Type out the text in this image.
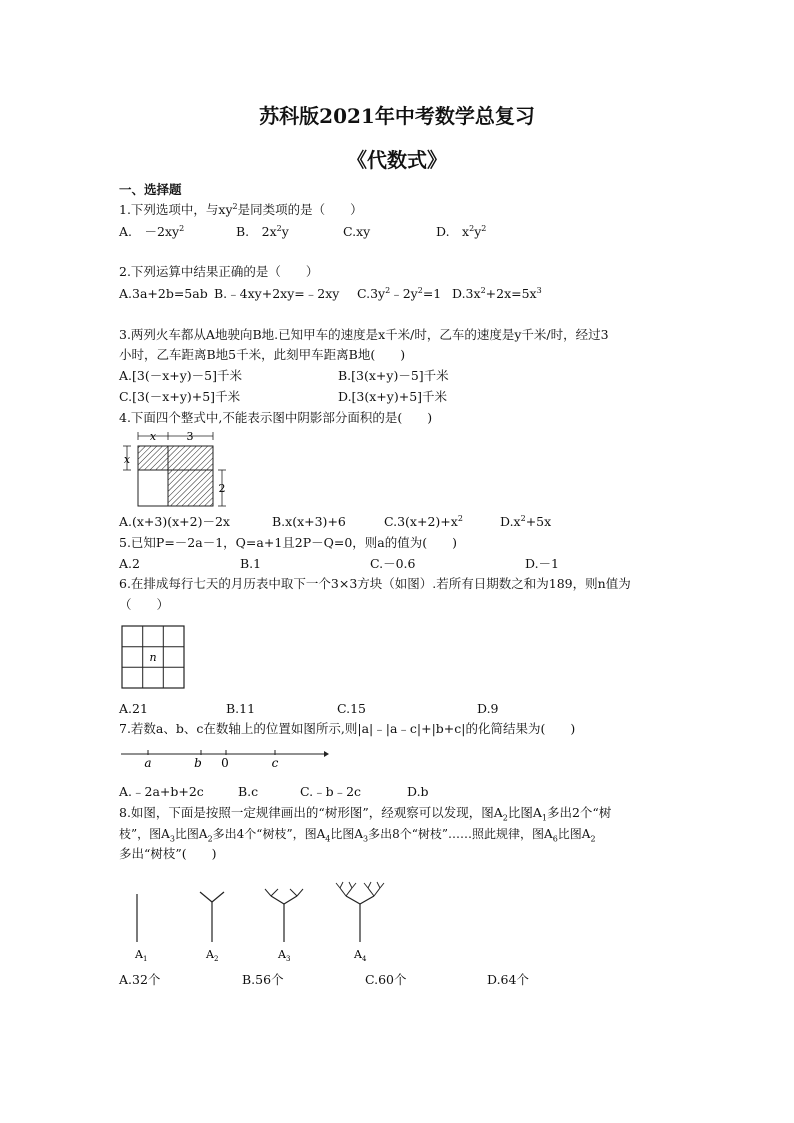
苏科版2021年中考数学总复习
《代数式》
一、选择题
1.下列选项中，与$xy^2$是同类项的是（　　）
A.　$-2xy^2$	B.　$2x^2y$	C.xy	D.　$x^2y^2$
2.下列运算中结果正确的是（　　）
A.3a+2b=5ab B.﹣4xy+2xy=﹣2xy $C.3y^2﹣2y^2=1$ $D.3x^2+2x=5x^3$
3.两列火车都从A地驶向B地.已知甲车的速度是x千米/时，乙车的速度是y千米/时，经过3
小时，乙车距离B地5千米，此刻甲车距离B地(　　)
A.[3(－x+y)－5]千米	B.[3(x+y)－5]千米
C.[3(－x+y)+5]千米	D.[3(x+y)+5]千米
4.下面四个整式中,不能表示图中阴影部分面积的是(　　)
x	3
x
2
A.(x+3)(x+2)－2x	B.x(x+3)+6	$C.3(x+2)+x^2$	$D.x^2+5x$
5.已知P=－2a－1，Q=a+1且2P－Q=0，则a的值为(　　)
A.2	B.1	C.－0.6	D.－1
6.在排成每行七天的月历表中取下一个3×3方块（如图）.若所有日期数之和为189，则n值为
（　　）
n
A.21	B.11	C.15	D.9
7.若数a、b、c在数轴上的位置如图所示,则|a|﹣|a﹣c|+|b+c|的化简结果为(　　)
a	b 0	c
A.﹣2a+b+2c	B.c	C.﹣b﹣2c	D.b
8.如图，下面是按照一定规律画出的“树形图”，经观察可以发现，图$A_2$比图$A_1$多出2个“树
枝”，图$A_3$比图$A_2$多出4个“树枝”，图$A_4$比图$A_3$多出8个“树枝”……照此规律，图$A_6$比图$A_2$
多出“树枝”(　　)
$A_1$	$A_2$	$A_3$	$A_4$
A.32个	B.56个	C.60个	D.64个
